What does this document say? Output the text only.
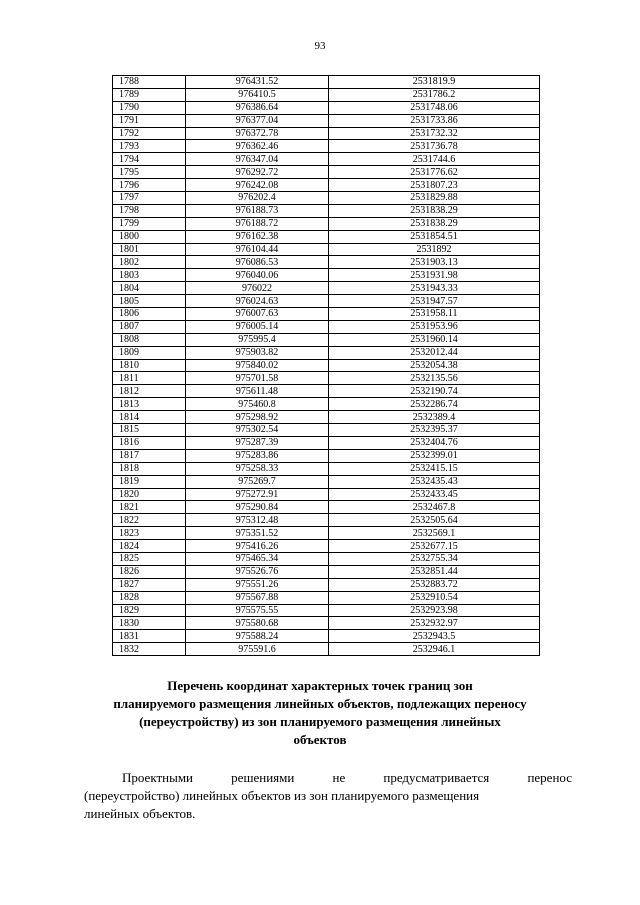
93
1788	976431.52	2531819.9
1789	976410.5	2531786.2
1790	976386.64	2531748.06
1791	976377.04	2531733.86
1792	976372.78	2531732.32
1793	976362.46	2531736.78
1794	976347.04	2531744.6
1795	976292.72	2531776.62
1796	976242.08	2531807.23
1797	976202.4	2531829.88
1798	976188.73	2531838.29
1799	976188.72	2531838.29
1800	976162.38	2531854.51
1801	976104.44	2531892
1802	976086.53	2531903.13
1803	976040.06	2531931.98
1804	976022	2531943.33
1805	976024.63	2531947.57
1806	976007.63	2531958.11
1807	976005.14	2531953.96
1808	975995.4	2531960.14
1809	975903.82	2532012.44
1810	975840.02	2532054.38
1811	975701.58	2532135.56
1812	975611.48	2532190.74
1813	975460.8	2532286.74
1814	975298.92	2532389.4
1815	975302.54	2532395.37
1816	975287.39	2532404.76
1817	975283.86	2532399.01
1818	975258.33	2532415.15
1819	975269.7	2532435.43
1820	975272.91	2532433.45
1821	975290.84	2532467.8
1822	975312.48	2532505.64
1823	975351.52	2532569.1
1824	975416.26	2532677.15
1825	975465.34	2532755.34
1826	975526.76	2532851.44
1827	975551.26	2532883.72
1828	975567.88	2532910.54
1829	975575.55	2532923.98
1830	975580.68	2532932.97
1831	975588.24	2532943.5
1832	975591.6	2532946.1
Перечень координат характерных точек границ зон
планируемого размещения линейных объектов, подлежащих переносу
(переустройству) из зон планируемого размещения линейных
объектов
Проектными решениями не предусматривается перенос
(переустройство) линейных объектов из зон планируемого размещения
линейных объектов.
